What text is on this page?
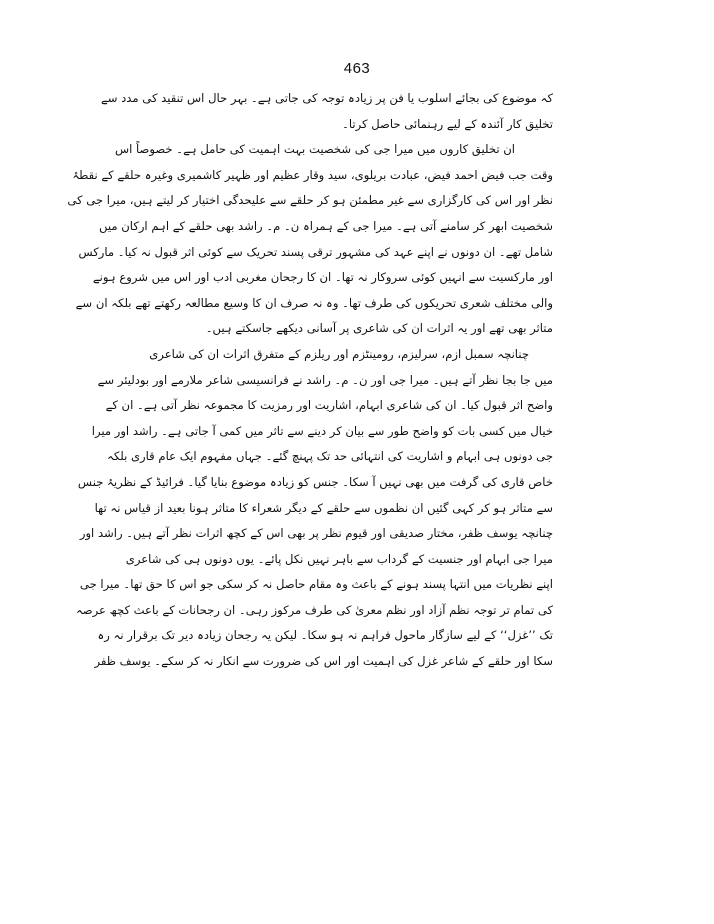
463
کہ موضوع کی بجائے اسلوب یا فن پر زیادہ توجہ کی جاتی ہے۔ بہر حال اس تنقید کی مدد سے
تخلیق کار آئندہ کے لیے رہنمائی حاصل کرتا۔
ان تخلیق کاروں میں میرا جی کی شخصیت بہت اہمیت کی حامل ہے۔ خصوصاً اس
وقت جب فیض احمد فیض، عبادت بریلوی، سید وقار عظیم اور ظہیر کاشمیری وغیرہ حلقے کے نقطۂ
نظر اور اس کی کارگزاری سے غیر مطمئن ہو کر حلقے سے علیحدگی اختیار کر لیتے ہیں، میرا جی کی
شخصیت ابھر کر سامنے آتی ہے۔ میرا جی کے ہمراہ ن۔ م۔ راشد بھی حلقے کے اہم ارکان میں
شامل تھے۔ ان دونوں نے اپنے عہد کی مشہور ترقی پسند تحریک سے کوئی اثر قبول نہ کیا۔ مارکس
اور مارکسیت سے انہیں کوئی سروکار نہ تھا۔ ان کا رجحان مغربی ادب اور اس میں شروع ہونے
والی مختلف شعری تحریکوں کی طرف تھا۔ وہ نہ صرف ان کا وسیع مطالعہ رکھتے تھے بلکہ ان سے
متاثر بھی تھے اور یہ اثرات ان کی شاعری پر آسانی دیکھے جاسکتے ہیں۔
چنانچہ سمبل ازم، سرلیزم، رومینٹزم اور ریلزم کے متفرق اثرات ان کی شاعری
میں جا بجا نظر آتے ہیں۔ میرا جی اور ن۔ م۔ راشد نے فرانسیسی شاعر ملارمے اور بودلیئر سے
واضح اثر قبول کیا۔ ان کی شاعری ابہام، اشاریت اور رمزیت کا مجموعہ نظر آتی ہے۔ ان کے
خیال میں کسی بات کو واضح طور سے بیان کر دینے سے تاثر میں کمی آ جاتی ہے۔ راشد اور میرا
جی دونوں ہی ابہام و اشاریت کی انتہائی حد تک پہنچ گئے۔ جہاں مفہوم ایک عام قاری بلکہ
خاص قاری کی گرفت میں بھی نہیں آ سکا۔ جنس کو زیادہ موضوع بنایا گیا۔ فرائیڈ کے نظریۂ جنس
سے متاثر ہو کر کہی گئیں ان نظموں سے حلقے کے دیگر شعراء کا متاثر ہونا بعید از قیاس نہ تھا
چنانچہ یوسف ظفر، مختار صدیقی اور قیوم نظر پر بھی اس کے کچھ اثرات نظر آتے ہیں۔ راشد اور
میرا جی ابہام اور جنسیت کے گرداب سے باہر نہیں نکل پائے۔ یوں دونوں ہی کی شاعری
اپنے نظریات میں انتہا پسند ہونے کے باعث وہ مقام حاصل نہ کر سکی جو اس کا حق تھا۔ میرا جی
کی تمام تر توجہ نظم آزاد اور نظم معریٰ کی طرف مرکوز رہی۔ ان رجحانات کے باعث کچھ عرصہ
تک ’’غزل‘‘ کے لیے سازگار ماحول فراہم نہ ہو سکا۔ لیکن یہ رجحان زیادہ دیر تک برقرار نہ رہ
سکا اور حلقے کے شاعر غزل کی اہمیت اور اس کی ضرورت سے انکار نہ کر سکے۔ یوسف ظفر
